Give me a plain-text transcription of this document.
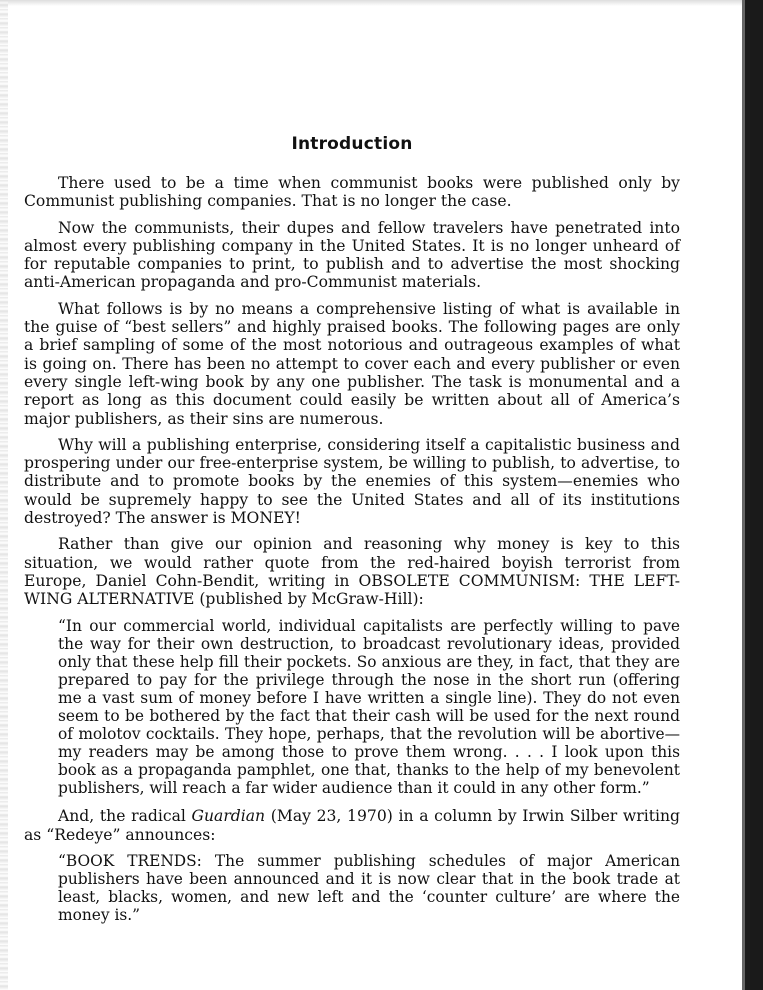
Introduction

There used to be a time when communist books were published only by Communist publishing companies. That is no longer the case.

Now the communists, their dupes and fellow travelers have penetrated into almost every publishing company in the United States. It is no longer unheard of for reputable companies to print, to publish and to advertise the most shocking anti-American propaganda and pro-Communist materials.

What follows is by no means a comprehensive listing of what is available in the guise of “best sellers” and highly praised books. The following pages are only a brief sampling of some of the most notorious and outrageous examples of what is going on. There has been no attempt to cover each and every publisher or even every single left-wing book by any one publisher. The task is monumental and a report as long as this document could easily be written about all of America’s major publishers, as their sins are numerous.

Why will a publishing enterprise, considering itself a capitalistic business and prospering under our free-enterprise system, be willing to publish, to advertise, to distribute and to promote books by the enemies of this system—enemies who would be supremely happy to see the United States and all of its institutions destroyed? The answer is MONEY!

Rather than give our opinion and reasoning why money is key to this situation, we would rather quote from the red-haired boyish terrorist from Europe, Daniel Cohn-Bendit, writing in OBSOLETE COMMUNISM: THE LEFT-WING ALTERNATIVE (published by McGraw-Hill):

“In our commercial world, individual capitalists are perfectly willing to pave the way for their own destruction, to broadcast revolutionary ideas, provided only that these help fill their pockets. So anxious are they, in fact, that they are prepared to pay for the privilege through the nose in the short run (offering me a vast sum of money before I have written a single line). They do not even seem to be bothered by the fact that their cash will be used for the next round of molotov cocktails. They hope, perhaps, that the revolution will be abortive—my readers may be among those to prove them wrong. . . . I look upon this book as a propaganda pamphlet, one that, thanks to the help of my benevolent publishers, will reach a far wider audience than it could in any other form.”

And, the radical Guardian (May 23, 1970) in a column by Irwin Silber writing as “Redeye” announces:

“BOOK TRENDS: The summer publishing schedules of major American publishers have been announced and it is now clear that in the book trade at least, blacks, women, and new left and the ‘counter culture’ are where the money is.”
